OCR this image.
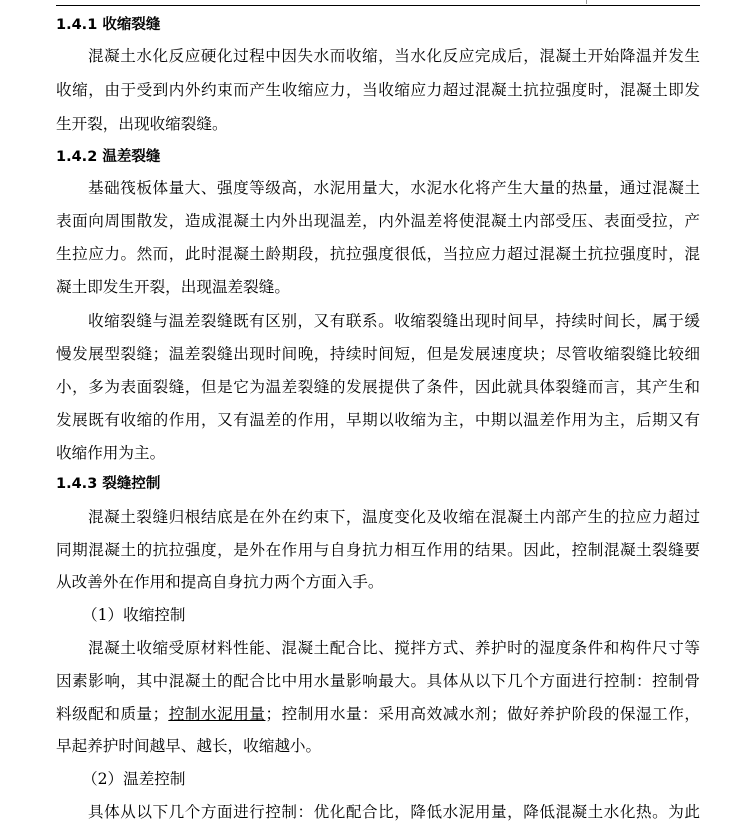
1.4.1 收缩裂缝
混凝土水化反应硬化过程中因失水而收缩，当水化反应完成后，混凝土开始降温并发生
收缩，由于受到内外约束而产生收缩应力，当收缩应力超过混凝土抗拉强度时，混凝土即发
生开裂，出现收缩裂缝。
1.4.2 温差裂缝
基础筏板体量大、强度等级高，水泥用量大，水泥水化将产生大量的热量，通过混凝土
表面向周围散发，造成混凝土内外出现温差，内外温差将使混凝土内部受压、表面受拉，产
生拉应力。然而，此时混凝土龄期段，抗拉强度很低，当拉应力超过混凝土抗拉强度时，混
凝土即发生开裂，出现温差裂缝。
收缩裂缝与温差裂缝既有区别，又有联系。收缩裂缝出现时间早，持续时间长，属于缓
慢发展型裂缝；温差裂缝出现时间晚，持续时间短，但是发展速度块；尽管收缩裂缝比较细
小，多为表面裂缝，但是它为温差裂缝的发展提供了条件，因此就具体裂缝而言，其产生和
发展既有收缩的作用，又有温差的作用，早期以收缩为主，中期以温差作用为主，后期又有
收缩作用为主。
1.4.3 裂缝控制
混凝土裂缝归根结底是在外在约束下，温度变化及收缩在混凝土内部产生的拉应力超过
同期混凝土的抗拉强度，是外在作用与自身抗力相互作用的结果。因此，控制混凝土裂缝要
从改善外在作用和提高自身抗力两个方面入手。
（1）收缩控制
混凝土收缩受原材料性能、混凝土配合比、搅拌方式、养护时的湿度条件和构件尺寸等
因素影响，其中混凝土的配合比中用水量影响最大。具体从以下几个方面进行控制：控制骨
料级配和质量；控制水泥用量；控制用水量：采用高效减水剂；做好养护阶段的保湿工作，
早起养护时间越早、越长，收缩越小。
（2）温差控制
具体从以下几个方面进行控制：优化配合比，降低水泥用量，降低混凝土水化热。为此
